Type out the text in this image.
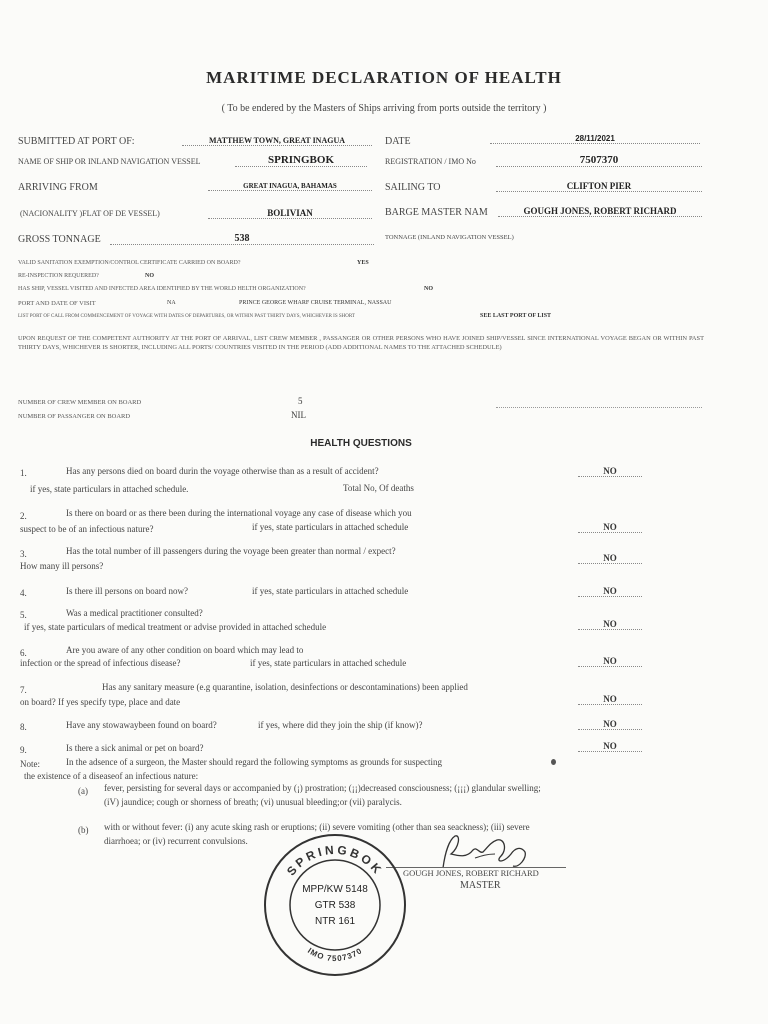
MARITIME DECLARATION OF HEALTH
( To be endered by the Masters of Ships arriving from ports outside the territory )
SUBMITTED AT PORT OF:	MATTHEW TOWN, GREAT INAGUA	DATE	28/11/2021
NAME OF SHIP OR INLAND NAVIGATION VESSEL	SPRINGBOK	REGISTRATION / IMO No	7507370
ARRIVING FROM	GREAT INAGUA, BAHAMAS	SAILING TO	CLIFTON PIER
(NACIONALITY )FLAT OF DE VESSEL)	BOLIVIAN	BARGE MASTER NAM	GOUGH JONES, ROBERT RICHARD
GROSS TONNAGE	538	TONNAGE (INLAND NAVIGATION VESSEL)
VALID SANITATION EXEMPTION/CONTROL CERTIFICATE CARRIED ON BOARD?	YES
RE-INSPECTION REQUERED?	NO
HAS SHIP, VESSEL VISITED AND INFECTED AREA IDENTIFIED BY THE WORLD HELTH ORGANIZATION?	NO
PORT AND DATE OF VISIT	NA	PRINCE GEORGE WHARF CRUISE TERMINAL, NASSAU
LIST PORT OF CALL FROM COMMENCEMENT OF VOYAGE WITH DATES OF DEPARTURES, OR WITHIN PAST THIRTY DAYS, WHICHEVER IS SHORT	SEE LAST PORT OF LIST
UPON REQUEST OF THE COMPETENT AUTHORITY AT THE PORT OF ARRIVAL, LIST CREW MEMBER , PASSANGER OR OTHER PERSONS WHO HAVE JOINED SHIP/VESSEL SINCE INTERNATIONAL VOYAGE BEGAN OR WITHIN PAST THIRTY DAYS, WHICHEVER IS SHORTER, INCLUDING ALL PORTS/ COUNTRIES VISITED IN THE PERIOD (ADD ADDITIONAL NAMES TO THE ATTACHED SCHEDULE)
NUMBER OF CREW MEMBER ON BOARD	5
NUMBER OF PASSANGER ON BOARD	NIL
HEALTH QUESTIONS
1.	Has any persons died on board durin the voyage otherwise than as a result of accident?
if yes, state particulars in attached schedule.	Total No, Of deaths
NO
2.	Is there on board or as there been during the international voyage any case of disease which you
suspect to be of an infectious nature?	if yes, state particulars in attached schedule	NO
3.	Has the total number of ill passengers during the voyage been greater than normal / expect?
How many ill persons?
NO
4.	Is there ill persons on board now?	if yes, state particulars in attached schedule	NO
5.	Was a medical practitioner consulted?
if yes, state particulars of medical treatment or advise provided in attached schedule	NO
6.	Are you aware of any other condition on board which may lead to
infection or the spread of infectious disease?	if yes, state particulars in attached schedule	NO
7.	Has any sanitary measure (e.g quarantine, isolation, desinfections or descontaminations) been applied
on board? If yes specify type, place and date	NO
8.	Have any stowawaybeen found on board?	if yes, where did they join the ship (if know)?	NO
9.	Is there a sick animal or pet on board?	NO
Note:	In the adsence of a surgeon, the Master should regard the following symptoms as grounds for suspecting
the existence of a diseaseof an infectious nature:
(a) fever, persisting for several days or accompanied by (¡) prostration; (¡¡)decreased consciousness; (¡¡¡) glandular swelling;
(iV) jaundice; cough or shorness of breath; (vi) unusual bleeding;or (vii) paralycis.
(b) with or without fever: (i) any acute sking rash or eruptions; (ii) severe vomiting (other than sea seackness); (iii) severe
diarrhoea; or (iv) recurrent convulsions.
GOUGH JONES, ROBERT RICHARD
MASTER
SPRINGBOK
IMO 7507370
MPP/KW 5148
GTR 538
NTR 161
